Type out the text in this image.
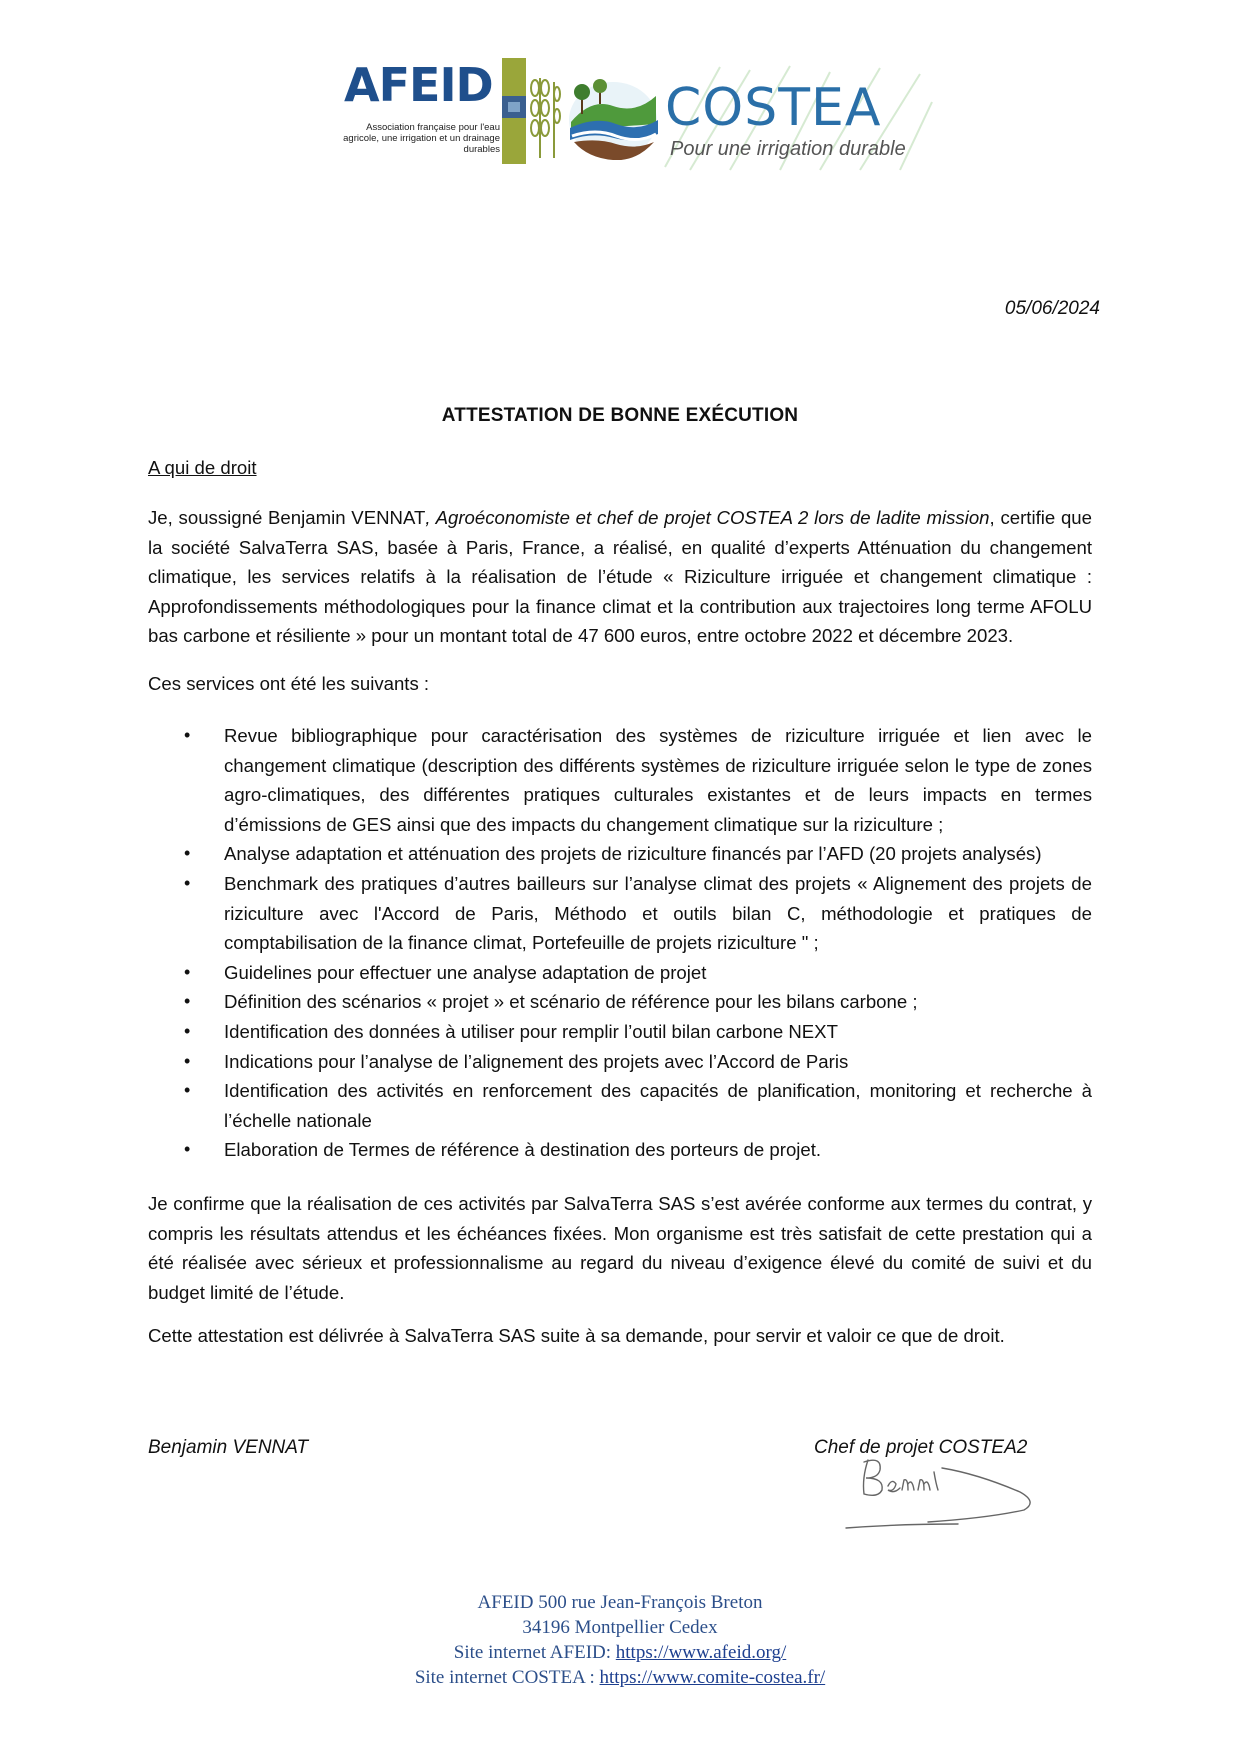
AFEID
Association française pour l'eau agricole, une irrigation et un drainage durables
COSTEA
Pour une irrigation durable
05/06/2024
ATTESTATION DE BONNE EXÉCUTION
A qui de droit
Je, soussigné Benjamin VENNAT, Agroéconomiste et chef de projet COSTEA 2 lors de ladite mission, certifie que la société SalvaTerra SAS, basée à Paris, France, a réalisé, en qualité d’experts Atténuation du changement climatique, les services relatifs à la réalisation de l’étude « Riziculture irriguée et changement climatique : Approfondissements méthodologiques pour la finance climat et la contribution aux trajectoires long terme AFOLU bas carbone et résiliente » pour un montant total de 47 600 euros, entre octobre 2022 et décembre 2023.
Ces services ont été les suivants :
• Revue bibliographique pour caractérisation des systèmes de riziculture irriguée et lien avec le changement climatique (description des différents systèmes de riziculture irriguée selon le type de zones agro-climatiques, des différentes pratiques culturales existantes et de leurs impacts en termes d’émissions de GES ainsi que des impacts du changement climatique sur la riziculture ;
• Analyse adaptation et atténuation des projets de riziculture financés par l’AFD (20 projets analysés)
• Benchmark des pratiques d’autres bailleurs sur l’analyse climat des projets « Alignement des projets de riziculture avec l'Accord de Paris, Méthodo et outils bilan C, méthodologie et pratiques de comptabilisation de la finance climat, Portefeuille de projets riziculture " ;
• Guidelines pour effectuer une analyse adaptation de projet
• Définition des scénarios « projet » et scénario de référence pour les bilans carbone ;
• Identification des données à utiliser pour remplir l’outil bilan carbone NEXT
• Indications pour l’analyse de l’alignement des projets avec l’Accord de Paris
• Identification des activités en renforcement des capacités de planification, monitoring et recherche à l’échelle nationale
• Elaboration de Termes de référence à destination des porteurs de projet.
Je confirme que la réalisation de ces activités par SalvaTerra SAS s’est avérée conforme aux termes du contrat, y compris les résultats attendus et les échéances fixées. Mon organisme est très satisfait de cette prestation qui a été réalisée avec sérieux et professionnalisme au regard du niveau d’exigence élevé du comité de suivi et du budget limité de l’étude.
Cette attestation est délivrée à SalvaTerra SAS suite à sa demande, pour servir et valoir ce que de droit.
Benjamin VENNAT	Chef de projet COSTEA2
AFEID 500 rue Jean-François Breton
34196 Montpellier Cedex
Site internet AFEID: https://www.afeid.org/
Site internet COSTEA : https://www.comite-costea.fr/
